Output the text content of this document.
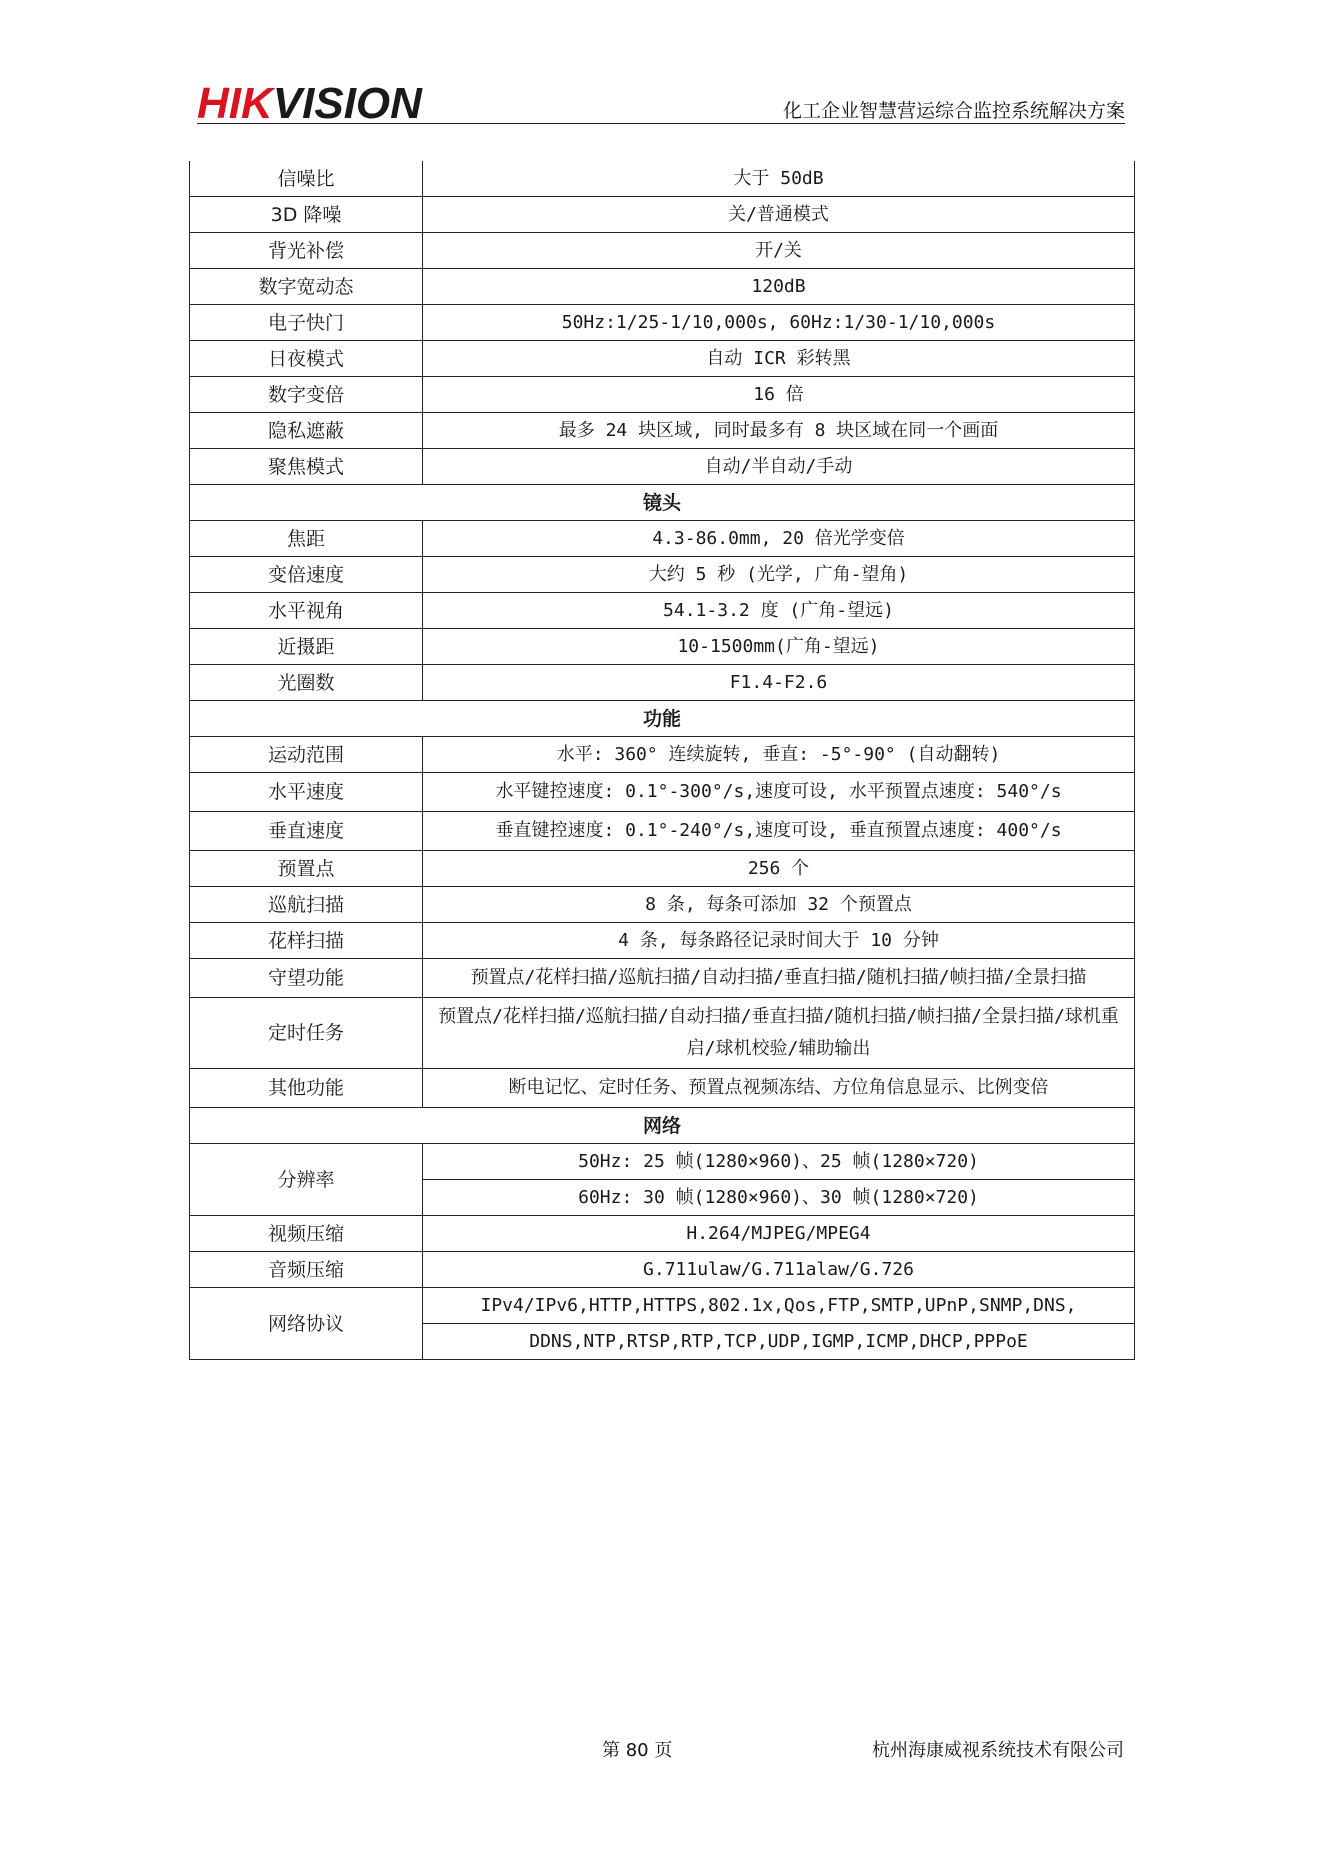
HIKVISION	化工企业智慧营运综合监控系统解决方案
信噪比	大于 50dB
3D 降噪	关/普通模式
背光补偿	开/关
数字宽动态	120dB
电子快门	50Hz:1/25-1/10,000s, 60Hz:1/30-1/10,000s
日夜模式	自动 ICR 彩转黑
数字变倍	16 倍
隐私遮蔽	最多 24 块区域, 同时最多有 8 块区域在同一个画面
聚焦模式	自动/半自动/手动
镜头	
焦距	4.3-86.0mm, 20 倍光学变倍
变倍速度	大约 5 秒 (光学, 广角-望角)
水平视角	54.1-3.2 度 (广角-望远)
近摄距	10-1500mm(广角-望远)
光圈数	F1.4-F2.6
功能	
运动范围	水平: 360° 连续旋转, 垂直: -5°-90° (自动翻转)
水平速度	水平键控速度: 0.1°-300°/s,速度可设, 水平预置点速度: 540°/s
垂直速度	垂直键控速度: 0.1°-240°/s,速度可设, 垂直预置点速度: 400°/s
预置点	256 个
巡航扫描	8 条, 每条可添加 32 个预置点
花样扫描	4 条, 每条路径记录时间大于 10 分钟
守望功能	预置点/花样扫描/巡航扫描/自动扫描/垂直扫描/随机扫描/帧扫描/全景扫描
定时任务	预置点/花样扫描/巡航扫描/自动扫描/垂直扫描/随机扫描/帧扫描/全景扫描/球机重启/球机校验/辅助输出
其他功能	断电记忆、定时任务、预置点视频冻结、方位角信息显示、比例变倍
网络	
分辨率	50Hz: 25 帧(1280×960)、25 帧(1280×720)
	60Hz: 30 帧(1280×960)、30 帧(1280×720)
视频压缩	H.264/MJPEG/MPEG4
音频压缩	G.711ulaw/G.711alaw/G.726
网络协议	IPv4/IPv6,HTTP,HTTPS,802.1x,Qos,FTP,SMTP,UPnP,SNMP,DNS,
	DDNS,NTP,RTSP,RTP,TCP,UDP,IGMP,ICMP,DHCP,PPPoE
第 80 页	杭州海康威视系统技术有限公司
